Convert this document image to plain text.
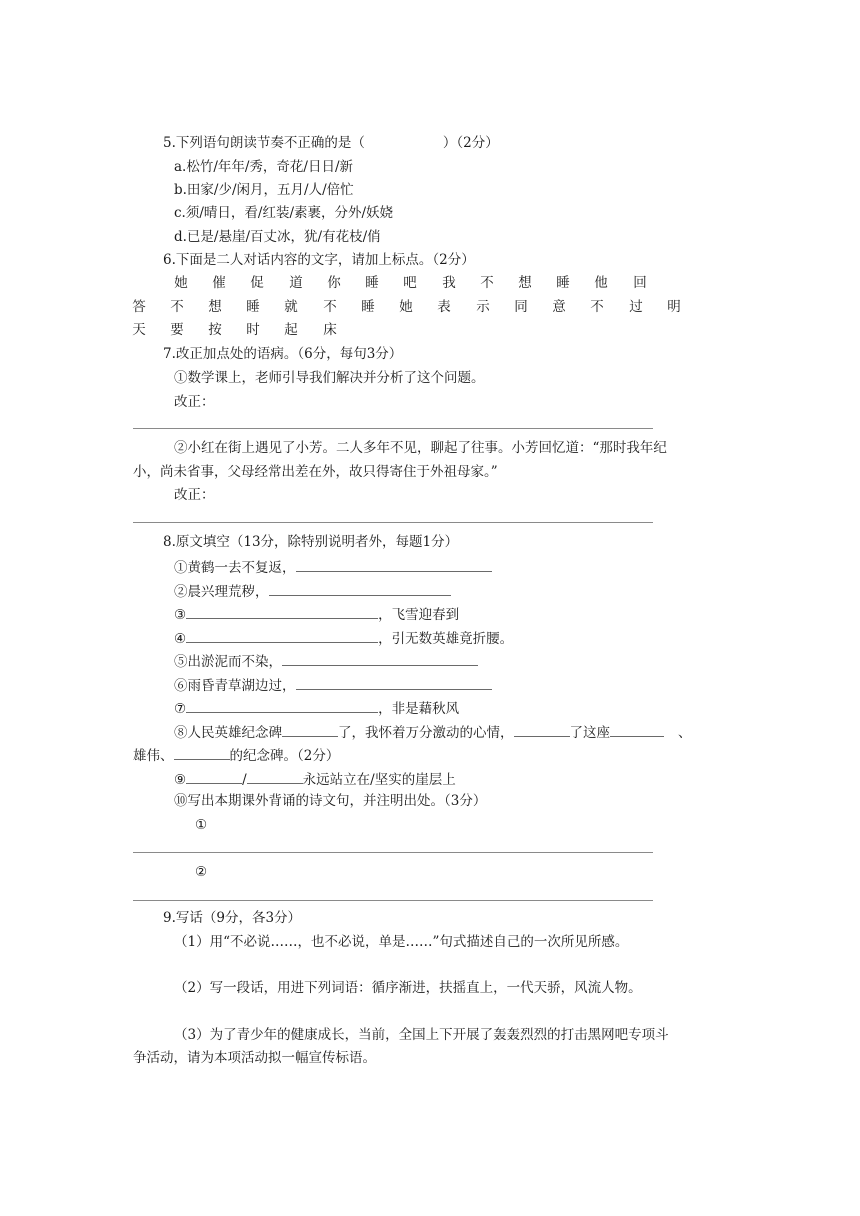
5.下列语句朗读节奏不正确的是（	）（2分）
a.松竹/年年/秀，奇花/日日/新
b.田家/少/闲月，五月/人/倍忙
c.须/晴日，看/红装/素裹，分外/妖娆
d.已是/悬崖/百丈冰，犹/有花枝/俏
6.下面是二人对话内容的文字，请加上标点。（2分）
她 催 促 道 你 睡 吧 我 不 想 睡 他 回
答 不 想 睡 就 不 睡 她 表 示 同 意 不 过 明
天 要 按 时 起 床
7.改正加点处的语病。（6分，每句3分）
①数学课上，老师引导我们解决并分析了这个问题。
改正：
②小红在街上遇见了小芳。二人多年不见，聊起了往事。小芳回忆道：“那时我年纪
小，尚未省事，父母经常出差在外，故只得寄住于外祖母家。”
改正：
8.原文填空（13分，除特别说明者外，每题1分）
①黄鹤一去不复返，
②晨兴理荒秽，
③	，飞雪迎春到
④	，引无数英雄竟折腰。
⑤出淤泥而不染，
⑥雨昏青草湖边过，
⑦	，非是藉秋风
⑧人民英雄纪念碑	了，我怀着万分激动的心情，	了这座	、
雄伟、	的纪念碑。（2分）
⑨	/	永远站立在/坚实的崖层上
⑩写出本期课外背诵的诗文句，并注明出处。（3分）
①
②
9.写话（9分，各3分）
（1）用“不必说……，也不必说，单是……”句式描述自己的一次所见所感。
（2）写一段话，用进下列词语：循序渐进，扶摇直上，一代天骄，风流人物。
（3）为了青少年的健康成长，当前，全国上下开展了轰轰烈烈的打击黑网吧专项斗
争活动，请为本项活动拟一幅宣传标语。
